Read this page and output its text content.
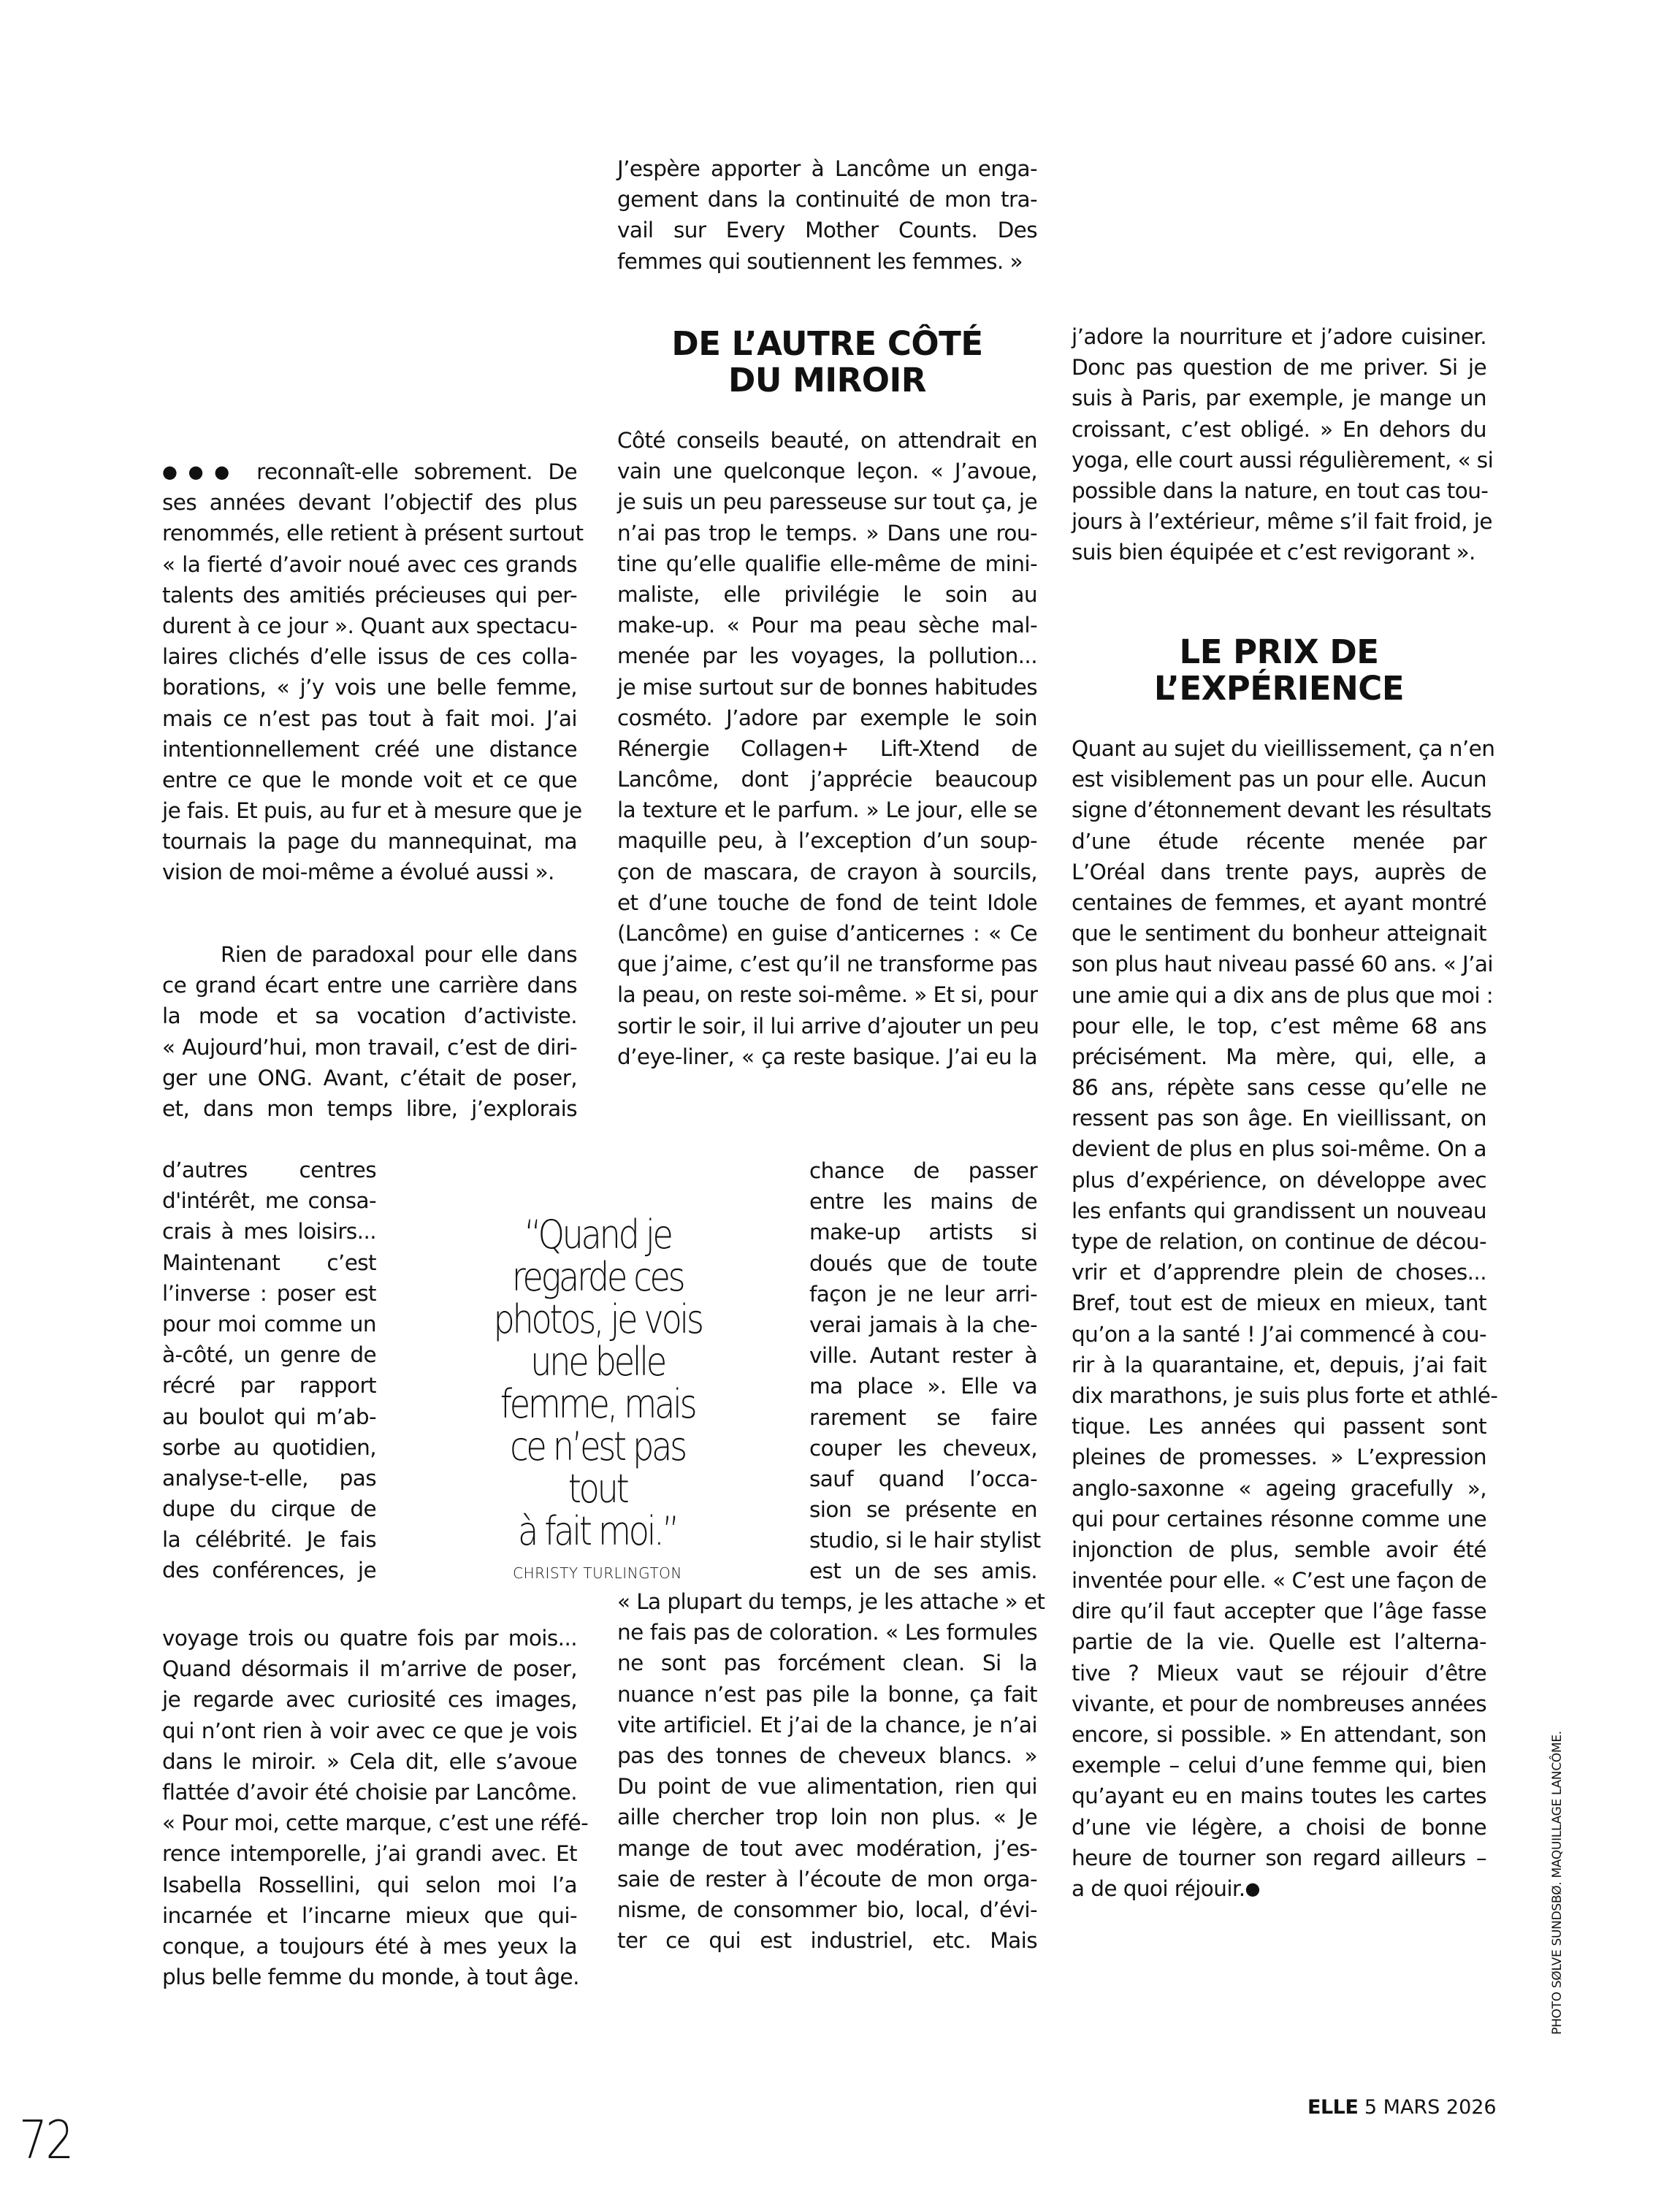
J’espère apporter à Lancôme un enga-
gement dans la continuité de mon tra-
vail sur Every Mother Counts. Des
femmes qui soutiennent les femmes. »
●●● reconnaît-elle sobrement. De
ses années devant l’objectif des plus
renommés, elle retient à présent surtout
« la fierté d’avoir noué avec ces grands
talents des amitiés précieuses qui per-
durent à ce jour ». Quant aux spectacu-
laires clichés d’elle issus de ces colla-
borations, « j’y vois une belle femme,
mais ce n’est pas tout à fait moi. J’ai
intentionnellement créé une distance
entre ce que le monde voit et ce que
je fais. Et puis, au fur et à mesure que je
tournais la page du mannequinat, ma
vision de moi-même a évolué aussi ».
Rien de paradoxal pour elle dans
ce grand écart entre une carrière dans
la mode et sa vocation d’activiste.
« Aujourd’hui, mon travail, c’est de diri-
ger une ONG. Avant, c’était de poser,
et, dans mon temps libre, j’explorais
d’autres centres
d'intérêt, me consa-
crais à mes loisirs...
Maintenant c’est
l’inverse : poser est
pour moi comme un
à-côté, un genre de
récré par rapport
au boulot qui m’ab-
sorbe au quotidien,
analyse-t-elle, pas
dupe du cirque de
la célébrité. Je fais
des conférences, je
voyage trois ou quatre fois par mois...
Quand désormais il m’arrive de poser,
je regarde avec curiosité ces images,
qui n’ont rien à voir avec ce que je vois
dans le miroir. » Cela dit, elle s’avoue
flattée d’avoir été choisie par Lancôme.
« Pour moi, cette marque, c’est une réfé-
rence intemporelle, j’ai grandi avec. Et
Isabella Rossellini, qui selon moi l’a
incarnée et l’incarne mieux que qui-
conque, a toujours été à mes yeux la
plus belle femme du monde, à tout âge.
DE L’AUTRE CÔTÉ
DU MIROIR
Côté conseils beauté, on attendrait en
vain une quelconque leçon. « J’avoue,
je suis un peu paresseuse sur tout ça, je
n’ai pas trop le temps. » Dans une rou-
tine qu’elle qualifie elle-même de mini-
maliste, elle privilégie le soin au
make-up. « Pour ma peau sèche mal-
menée par les voyages, la pollution...
je mise surtout sur de bonnes habitudes
cosméto. J’adore par exemple le soin
Rénergie Collagen+ Lift-Xtend de
Lancôme, dont j’apprécie beaucoup
la texture et le parfum. » Le jour, elle se
maquille peu, à l’exception d’un soup-
çon de mascara, de crayon à sourcils,
et d’une touche de fond de teint Idole
(Lancôme) en guise d’anticernes : « Ce
que j’aime, c’est qu’il ne transforme pas
la peau, on reste soi-même. » Et si, pour
sortir le soir, il lui arrive d’ajouter un peu
d’eye-liner, « ça reste basique. J’ai eu la
chance de passer
entre les mains de
make-up artists si
doués que de toute
façon je ne leur arri-
verai jamais à la che-
ville. Autant rester à
ma place ». Elle va
rarement se faire
couper les cheveux,
sauf quand l’occa-
sion se présente en
studio, si le hair stylist
est un de ses amis.
« La plupart du temps, je les attache » et
ne fais pas de coloration. « Les formules
ne sont pas forcément clean. Si la
nuance n’est pas pile la bonne, ça fait
vite artificiel. Et j’ai de la chance, je n’ai
pas des tonnes de cheveux blancs. »
Du point de vue alimentation, rien qui
aille chercher trop loin non plus. « Je
mange de tout avec modération, j’es-
saie de rester à l’écoute de mon orga-
nisme, de consommer bio, local, d’évi-
ter ce qui est industriel, etc. Mais
“Quand je
regarde ces
photos, je vois
une belle
femme, mais
ce n’est pas tout
à fait moi.”
CHRISTY TURLINGTON
j’adore la nourriture et j’adore cuisiner.
Donc pas question de me priver. Si je
suis à Paris, par exemple, je mange un
croissant, c’est obligé. » En dehors du
yoga, elle court aussi régulièrement, « si
possible dans la nature, en tout cas tou-
jours à l’extérieur, même s’il fait froid, je
suis bien équipée et c’est revigorant ».
LE PRIX DE
L’EXPÉRIENCE
Quant au sujet du vieillissement, ça n’en
est visiblement pas un pour elle. Aucun
signe d’étonnement devant les résultats
d’une étude récente menée par
L’Oréal dans trente pays, auprès de
centaines de femmes, et ayant montré
que le sentiment du bonheur atteignait
son plus haut niveau passé 60 ans. « J’ai
une amie qui a dix ans de plus que moi :
pour elle, le top, c’est même 68 ans
précisément. Ma mère, qui, elle, a
86 ans, répète sans cesse qu’elle ne
ressent pas son âge. En vieillissant, on
devient de plus en plus soi-même. On a
plus d’expérience, on développe avec
les enfants qui grandissent un nouveau
type de relation, on continue de décou-
vrir et d’apprendre plein de choses...
Bref, tout est de mieux en mieux, tant
qu’on a la santé ! J’ai commencé à cou-
rir à la quarantaine, et, depuis, j’ai fait
dix marathons, je suis plus forte et athlé-
tique. Les années qui passent sont
pleines de promesses. » L’expression
anglo-saxonne « ageing gracefully »,
qui pour certaines résonne comme une
injonction de plus, semble avoir été
inventée pour elle. « C’est une façon de
dire qu’il faut accepter que l’âge fasse
partie de la vie. Quelle est l’alterna-
tive ? Mieux vaut se réjouir d’être
vivante, et pour de nombreuses années
encore, si possible. » En attendant, son
exemple – celui d’une femme qui, bien
qu’ayant eu en mains toutes les cartes
d’une vie légère, a choisi de bonne
heure de tourner son regard ailleurs –
a de quoi réjouir.●	PHOTO SØLVE SUNDSBØ. MAQUILLAGE LANCÔME.
72
ELLE 5 MARS 2026
